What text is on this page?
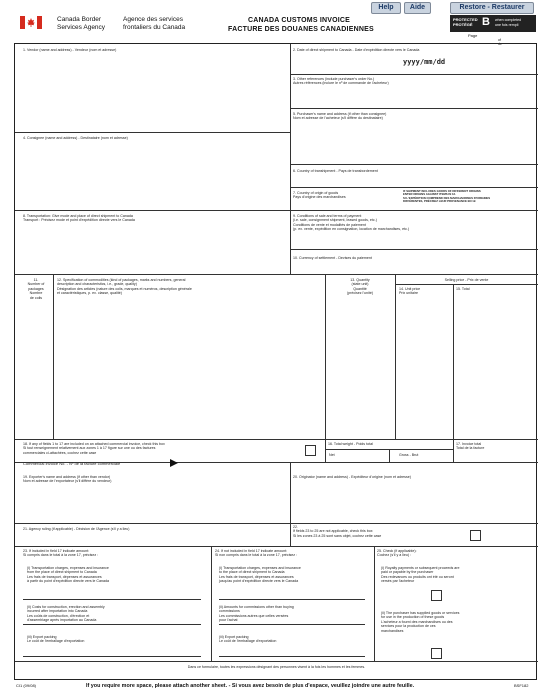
Help	Aide	Restore - Restaurer
Canada Border
Services Agency
Agence des services
frontaliers du Canada
CANADA CUSTOMS INVOICE
FACTURE DES DOUANES CANADIENNES
PROTECTED
PROTÉGÉ B when completed
une fois rempli
Page
of
de
1. Vendor (name and address) - Vendeur (nom et adresse)	2. Date of direct shipment to Canada - Date d'expédition directe vers le Canada
yyyy/mm/dd
3. Other references (include purchaser's order No.)
Autres références (inclure le nº de commande de l'acheteur)
4. Consignee (name and address) - Destinataire (nom et adresse)
5. Purchaser's name and address (if other than consignee)
Nom et adresse de l'acheteur (s'il diffère du destinataire)
6. Country of transhipment - Pays de transbordement
7. Country of origin of goods
Pays d'origine des marchandises
IF SHIPMENT INCLUDES GOODS OF DIFFERENT ORIGINS
ENTER ORIGINS AGAINST ITEMS IN 12.
SI L'EXPÉDITION COMPREND DES MARCHANDISES D'ORIGINES
DIFFÉRENTES, PRÉCISEZ LEUR PROVENANCE EN 12.
8. Transportation: Give mode and place of direct shipment to Canada
Transport : Précisez mode et point d'expédition directe vers le Canada
9. Conditions of sale and terms of payment
(i.e. sale, consignment shipment, leased goods, etc.)
Conditions de vente et modalités de paiement
(p. ex. vente, expédition en consignation, location de marchandises, etc.)
10. Currency of settlement - Devises du paiement
11.
Number of
packages
Nombre
de colis
12. Specification of commodities (kind of packages, marks and numbers, general
description and characteristics, i.e., grade, quality)
Désignation des articles (nature des colis, marques et numéros, description générale
et caractéristiques, p. ex. classe, qualité)
13. Quantity
(state unit)
Quantité
(précisez l'unité)
Selling price - Prix de vente
14. Unit price
Prix unitaire
15. Total
18. If any of fields 1 to 17 are included on an attached commercial invoice, check this box
Si tout renseignement relativement aux zones 1 à 17 figure sur une ou des factures
commerciales ci-attachées, cochez cette case
Commercial Invoice No. - Nº de la facture commerciale
16. Total weight - Poids total
Net	Gross - Brut
17. Invoice total
Total de la facture
19. Exporter's name and address (if other than vendor)
Nom et adresse de l'exportateur (s'il diffère du vendeur)
20. Originator (name and address) - Expéditeur d'origine (nom et adresse)
21. Agency ruling (if applicable) - Décision de l'Agence (s'il y a lieu)	22.
If fields 23 to 25 are not applicable, check this box
Si les zones 23 à 25 sont sans objet, cochez cette case
23. If included in field 17 indicate amount:
Si compris dans le total à la zone 17, précisez :
(i) Transportation charges, expenses and insurance
from the place of direct shipment to Canada
Les frais de transport, dépenses et assurances
à partir du point d'expédition directe vers le Canada
(ii) Costs for construction, erection and assembly
incurred after importation into Canada
Les coûts de construction, d'érection et
d'assemblage après importation au Canada
(iii) Export packing
Le coût de l'emballage d'exportation
24. If not included in field 17 indicate amount:
Si non compris dans le total à la zone 17, précisez :
(i) Transportation charges, expenses and insurance
to the place of direct shipment to Canada
Les frais de transport, dépenses et assurances
jusqu'au point d'expédition directe vers le Canada
(ii) Amounts for commissions other than buying
commissions
Les commissions autres que celles versées
pour l'achat
(iii) Export packing
Le coût de l'emballage d'exportation
25. Check (if applicable):
Cochez (s'il y a lieu) :
(i) Royalty payments or subsequent proceeds are
paid or payable by the purchaser
Des redevances ou produits ont été ou seront
versés par l'acheteur
(ii) The purchaser has supplied goods or services
for use in the production of these goods
L'acheteur a fourni des marchandises ou des
services pour la production de ces
marchandises
Dans ce formulaire, toutes les expressions désignant des personnes visent à la fois les hommes et les femmes.
CI1 (09/08)	If you require more space, please attach another sheet. - Si vous avez besoin de plus d'espace, veuillez joindre une autre feuille.	BSF182
